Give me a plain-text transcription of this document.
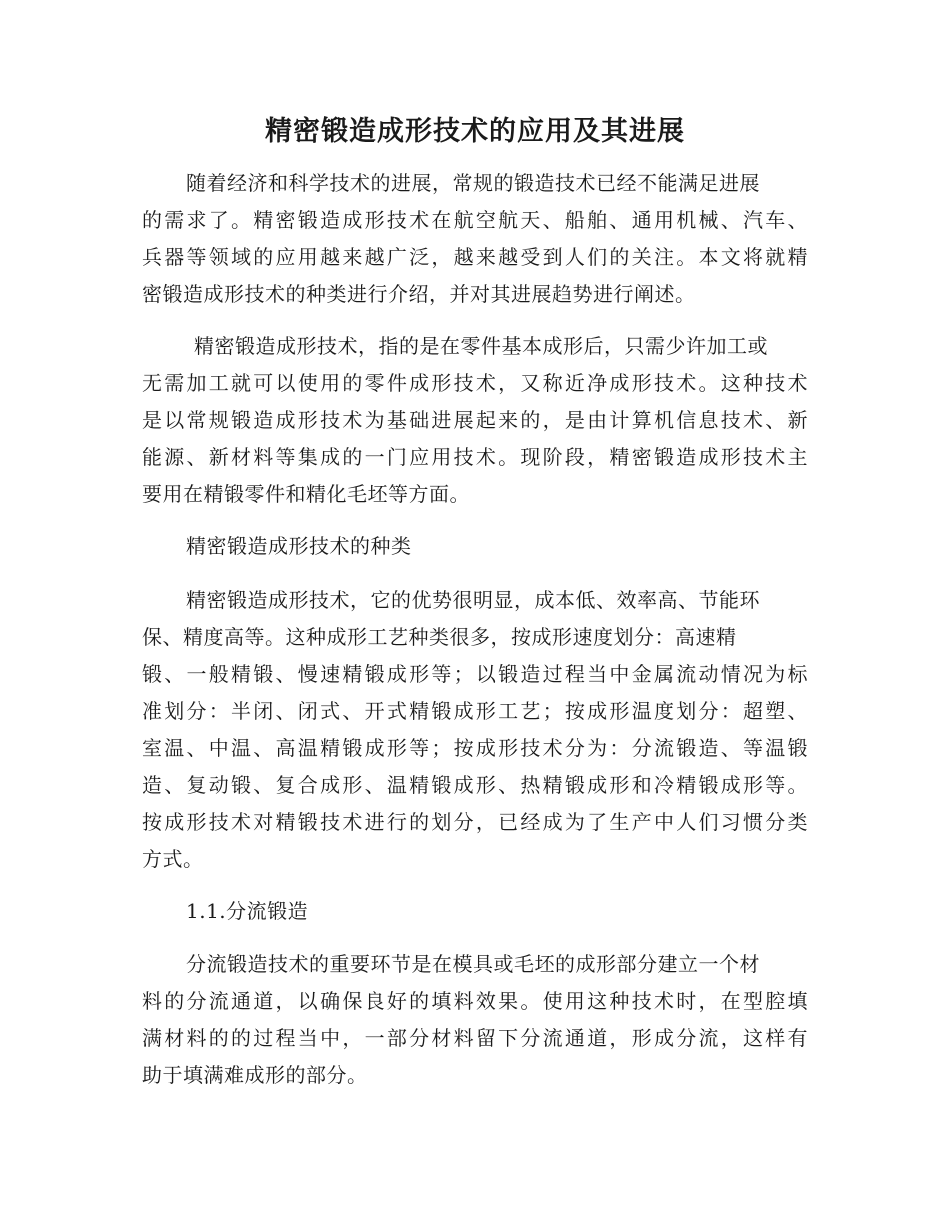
精密锻造成形技术的应用及其进展
随着经济和科学技术的进展，常规的锻造技术已经不能满足进展
的需求了。精密锻造成形技术在航空航天、船舶、通用机械、汽车、
兵器等领域的应用越来越广泛，越来越受到人们的关注。本文将就精
密锻造成形技术的种类进行介绍，并对其进展趋势进行阐述。
精密锻造成形技术，指的是在零件基本成形后，只需少许加工或
无需加工就可以使用的零件成形技术，又称近净成形技术。这种技术
是以常规锻造成形技术为基础进展起来的，是由计算机信息技术、新
能源、新材料等集成的一门应用技术。现阶段，精密锻造成形技术主
要用在精锻零件和精化毛坯等方面。
精密锻造成形技术的种类
精密锻造成形技术，它的优势很明显，成本低、效率高、节能环
保、精度高等。这种成形工艺种类很多，按成形速度划分：高速精
锻、一般精锻、慢速精锻成形等；以锻造过程当中金属流动情况为标
准划分：半闭、闭式、开式精锻成形工艺；按成形温度划分：超塑、
室温、中温、高温精锻成形等；按成形技术分为：分流锻造、等温锻
造、复动锻、复合成形、温精锻成形、热精锻成形和冷精锻成形等。
按成形技术对精锻技术进行的划分，已经成为了生产中人们习惯分类
方式。
1.1.分流锻造
分流锻造技术的重要环节是在模具或毛坯的成形部分建立一个材
料的分流通道，以确保良好的填料效果。使用这种技术时，在型腔填
满材料的的过程当中，一部分材料留下分流通道，形成分流，这样有
助于填满难成形的部分。
